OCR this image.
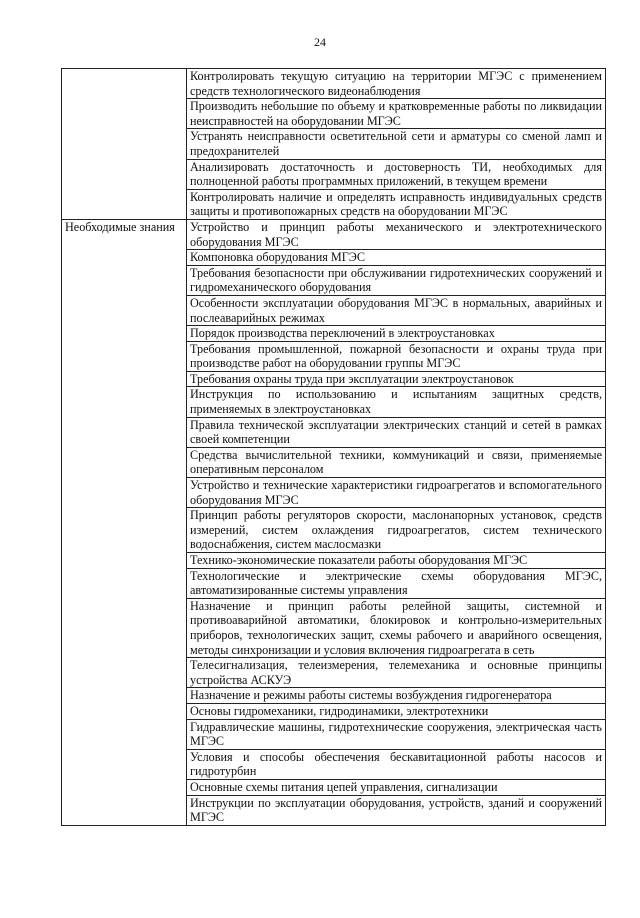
24
	Контролировать текущую ситуацию на территории МГЭС с применением средств технологического видеонаблюдения
	Производить небольшие по объему и кратковременные работы по ликвидации неисправностей на оборудовании МГЭС
	Устранять неисправности осветительной сети и арматуры со сменой ламп и предохранителей
	Анализировать достаточность и достоверность ТИ, необходимых для полноценной работы программных приложений, в текущем времени
	Контролировать наличие и определять исправность индивидуальных средств защиты и противопожарных средств на оборудовании МГЭС
Необходимые знания	Устройство и принцип работы механического и электротехнического оборудования МГЭС
	Компоновка оборудования МГЭС
	Требования безопасности при обслуживании гидротехнических сооружений и гидромеханического оборудования
	Особенности эксплуатации оборудования МГЭС в нормальных, аварийных и послеаварийных режимах
	Порядок производства переключений в электроустановках
	Требования промышленной, пожарной безопасности и охраны труда при производстве работ на оборудовании группы МГЭС
	Требования охраны труда при эксплуатации электроустановок
	Инструкция по использованию и испытаниям защитных средств, применяемых в электроустановках
	Правила технической эксплуатации электрических станций и сетей в рамках своей компетенции
	Средства вычислительной техники, коммуникаций и связи, применяемые оперативным персоналом
	Устройство и технические характеристики гидроагрегатов и вспомогательного оборудования МГЭС
	Принцип работы регуляторов скорости, маслонапорных установок, средств измерений, систем охлаждения гидроагрегатов, систем технического водоснабжения, систем маслосмазки
	Технико-экономические показатели работы оборудования МГЭС
	Технологические и электрические схемы оборудования МГЭС, автоматизированные системы управления
	Назначение и принцип работы релейной защиты, системной и противоаварийной автоматики, блокировок и контрольно-измерительных приборов, технологических защит, схемы рабочего и аварийного освещения, методы синхронизации и условия включения гидроагрегата в сеть
	Телесигнализация, телеизмерения, телемеханика и основные принципы устройства АСКУЭ
	Назначение и режимы работы системы возбуждения гидрогенератора
	Основы гидромеханики, гидродинамики, электротехники
	Гидравлические машины, гидротехнические сооружения, электрическая часть МГЭС
	Условия и способы обеспечения бескавитационной работы насосов и гидротурбин
	Основные схемы питания цепей управления, сигнализации
	Инструкции по эксплуатации оборудования, устройств, зданий и сооружений МГЭС
